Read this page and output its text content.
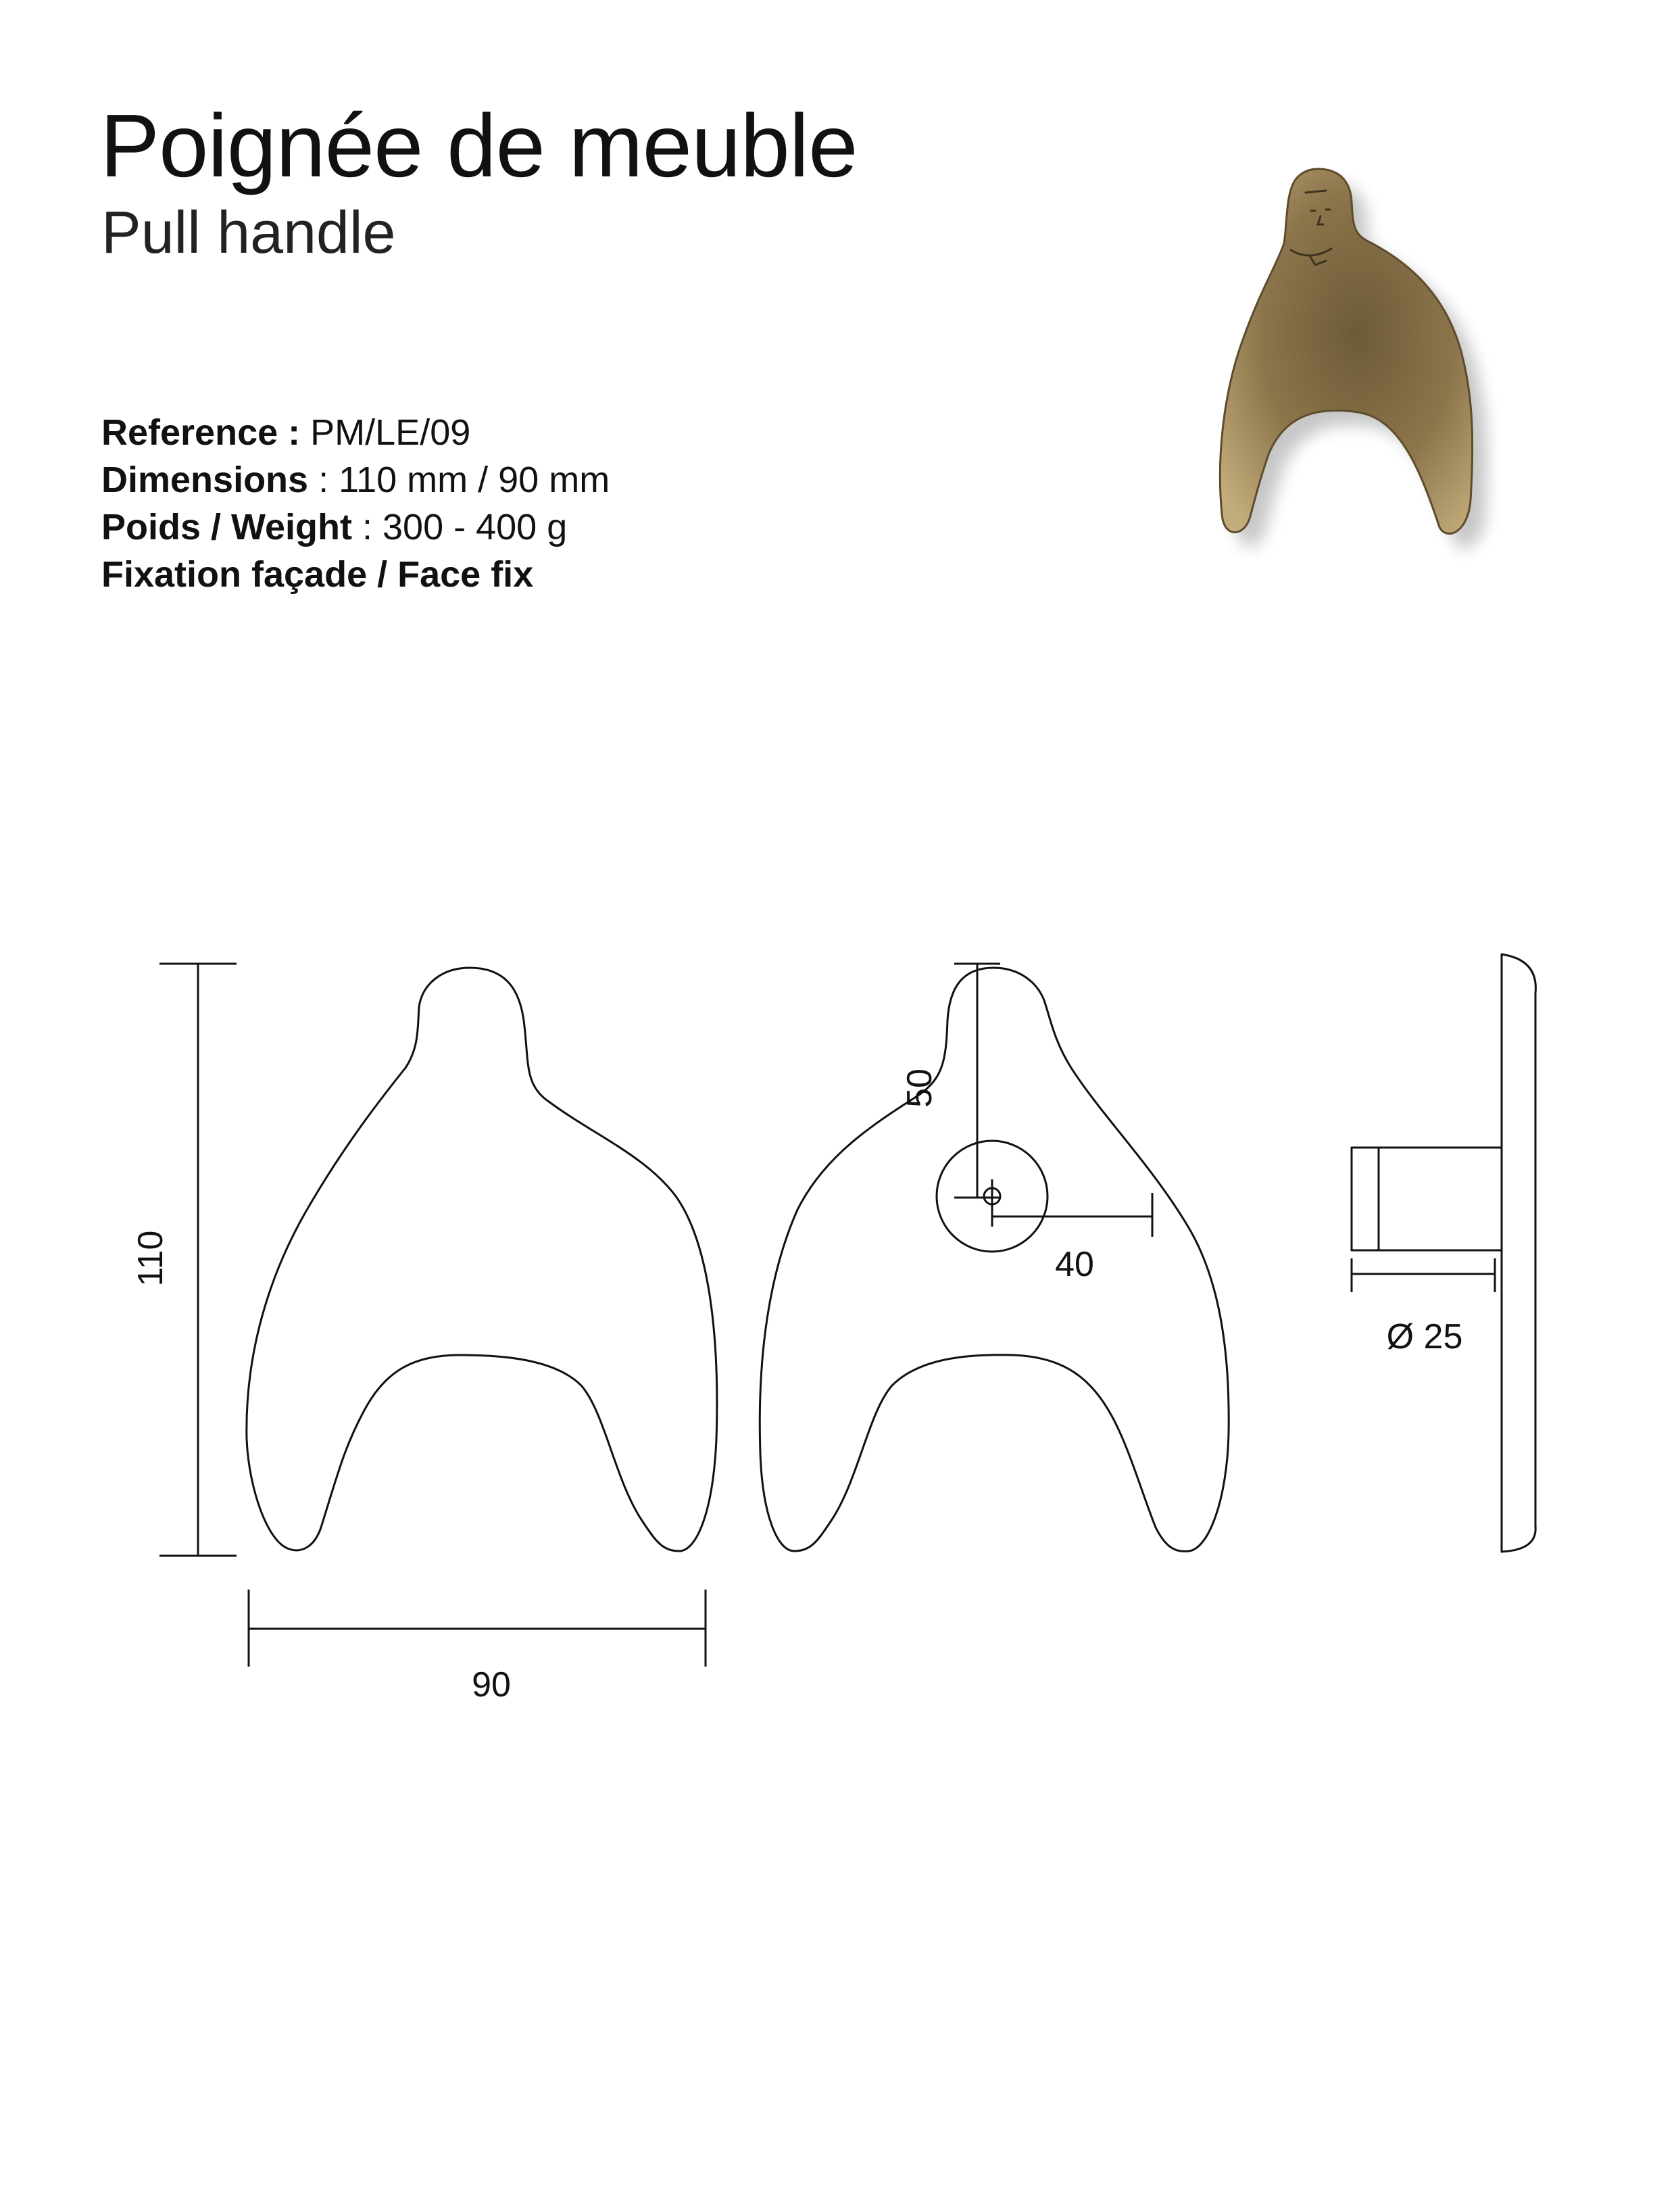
Poignée de meuble
Pull handle
Reference : PM/LE/09
Dimensions : 110 mm / 90 mm
Poids / Weight : 300 - 400 g
Fixation façade / Face fix
110
90
50
40
Ø 25
